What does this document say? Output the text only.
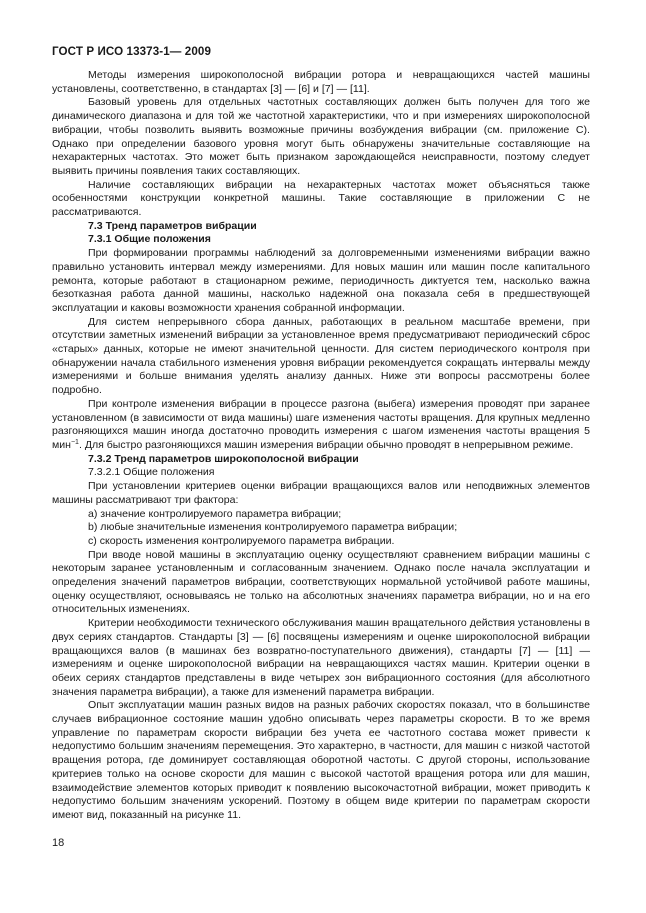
ГОСТ Р ИСО 13373-1— 2009

Методы измерения широкополосной вибрации ротора и невращающихся частей машины установлены, соответственно, в стандартах [3] — [6] и [7] — [11].

Базовый уровень для отдельных частотных составляющих должен быть получен для того же динамического диапазона и для той же частотной характеристики, что и при измерениях широкополосной вибрации, чтобы позволить выявить возможные причины возбуждения вибрации (см. приложение С). Однако при определении базового уровня могут быть обнаружены значительные составляющие на нехарактерных частотах. Это может быть признаком зарождающейся неисправности, поэтому следует выявить причины появления таких составляющих.

Наличие составляющих вибрации на нехарактерных частотах может объясняться также особенностями конструкции конкретной машины. Такие составляющие в приложении С не рассматриваются.

7.3 Тренд параметров вибрации

7.3.1 Общие положения

При формировании программы наблюдений за долговременными изменениями вибрации важно правильно установить интервал между измерениями. Для новых машин или машин после капитального ремонта, которые работают в стационарном режиме, периодичность диктуется тем, насколько важна безотказная работа данной машины, насколько надежной она показала себя в предшествующей эксплуатации и каковы возможности хранения собранной информации.

Для систем непрерывного сбора данных, работающих в реальном масштабе времени, при отсутствии заметных изменений вибрации за установленное время предусматривают периодический сброс «старых» данных, которые не имеют значительной ценности. Для систем периодического контроля при обнаружении начала стабильного изменения уровня вибрации рекомендуется сокращать интервалы между измерениями и больше внимания уделять анализу данных. Ниже эти вопросы рассмотрены более подробно.

При контроле изменения вибрации в процессе разгона (выбега) измерения проводят при заранее установленном (в зависимости от вида машины) шаге изменения частоты вращения. Для крупных медленно разгоняющихся машин иногда достаточно проводить измерения с шагом изменения частоты вращения 5 мин$^{-1}$. Для быстро разгоняющихся машин измерения вибрации обычно проводят в непрерывном режиме.

7.3.2 Тренд параметров широкополосной вибрации

7.3.2.1 Общие положения

При установлении критериев оценки вибрации вращающихся валов или неподвижных элементов машины рассматривают три фактора:

a) значение контролируемого параметра вибрации;

b) любые значительные изменения контролируемого параметра вибрации;

c) скорость изменения контролируемого параметра вибрации.

При вводе новой машины в эксплуатацию оценку осуществляют сравнением вибрации машины с некоторым заранее установленным и согласованным значением. Однако после начала эксплуатации и определения значений параметров вибрации, соответствующих нормальной устойчивой работе машины, оценку осуществляют, основываясь не только на абсолютных значениях параметра вибрации, но и на его относительных изменениях.

Критерии необходимости технического обслуживания машин вращательного действия установлены в двух сериях стандартов. Стандарты [3] — [6] посвящены измерениям и оценке широкополосной вибрации вращающихся валов (в машинах без возвратно-поступательного движения), стандарты [7] — [11] — измерениям и оценке широкополосной вибрации на невращающихся частях машин. Критерии оценки в обеих сериях стандартов представлены в виде четырех зон вибрационного состояния (для абсолютного значения параметра вибрации), а также для изменений параметра вибрации.

Опыт эксплуатации машин разных видов на разных рабочих скоростях показал, что в большинстве случаев вибрационное состояние машин удобно описывать через параметры скорости. В то же время управление по параметрам скорости вибрации без учета ее частотного состава может привести к недопустимо большим значениям перемещения. Это характерно, в частности, для машин с низкой частотой вращения ротора, где доминирует составляющая оборотной частоты. С другой стороны, использование критериев только на основе скорости для машин с высокой частотой вращения ротора или для машин, взаимодействие элементов которых приводит к появлению высокочастотной вибрации, может приводить к недопустимо большим значениям ускорений. Поэтому в общем виде критерии по параметрам скорости имеют вид, показанный на рисунке 11.

18
